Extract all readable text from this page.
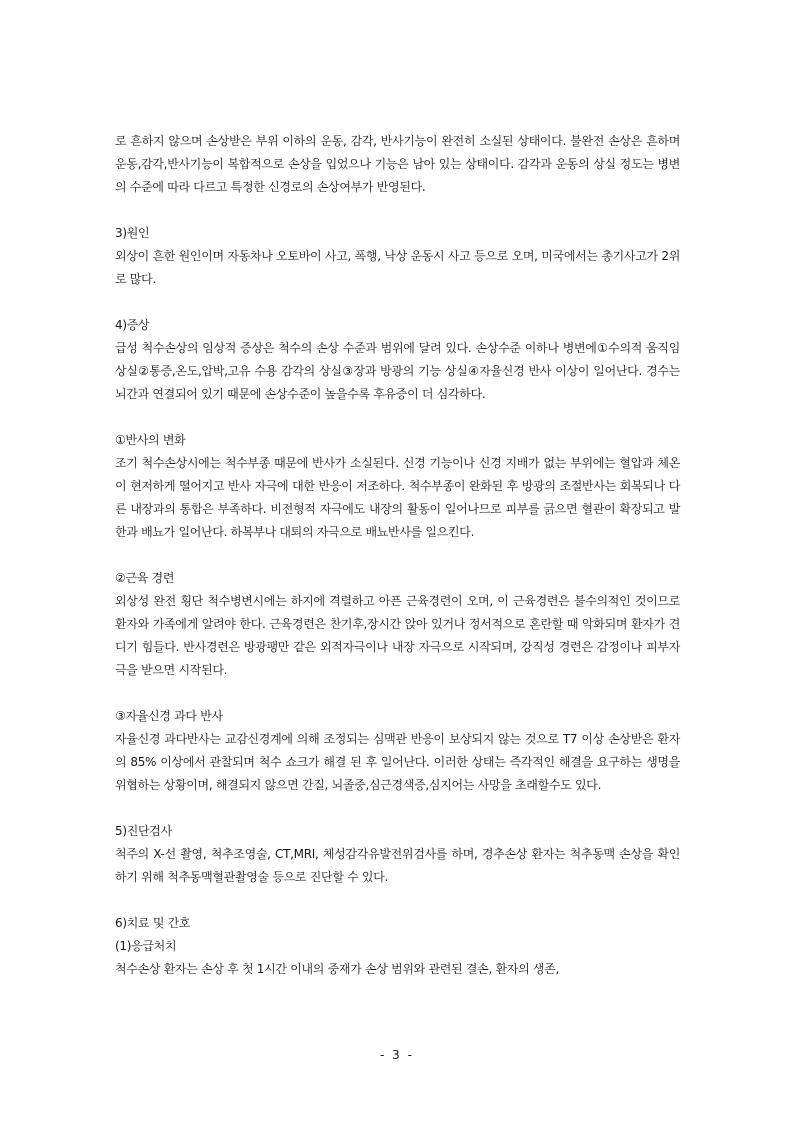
로 흔하지 않으며 손상받은 부위 이하의 운동, 감각, 반사기능이 완전히 소실된 상태이다. 불완전 손상은 흔하며 운동,감각,반사기능이 복합적으로 손상을 입었으나 기능은 남아 있는 상태이다. 감각과 운동의 상실 정도는 병변의 수준에 따라 다르고 특정한 신경로의 손상여부가 반영된다.

3)원인

외상이 흔한 원인이며 자동차나 오토바이 사고, 폭행, 낙상 운동시 사고 등으로 오며, 미국에서는 총기사고가 2위로 많다.

4)증상

급성 척수손상의 임상적 증상은 척수의 손상 수준과 범위에 달려 있다. 손상수준 이하나 병변에①수의적 움직임 상실②통증,온도,압박,고유 수용 감각의 상실③장과 방광의 기능 상실④자율신경 반사 이상이 일어난다. 경수는 뇌간과 연결되어 있기 때문에 손상수준이 높을수록 후유증이 더 심각하다.

①반사의 변화

조기 척수손상시에는 척수부종 때문에 반사가 소실된다. 신경 기능이나 신경 지배가 없는 부위에는 혈압과 체온이 현저하게 떨어지고 반사 자극에 대한 반응이 저조하다. 척수부종이 완화된 후 방광의 조절반사는 회복되나 다른 내장과의 통합은 부족하다. 비전형적 자극에도 내장의 활동이 일어나므로 피부를 긁으면 혈관이 확장되고 발한과 배뇨가 일어난다. 하복부나 대퇴의 자극으로 배뇨반사를 일으킨다.

②근육 경련

외상성 완전 횡단 척수병변시에는 하지에 격렬하고 아픈 근육경련이 오며, 이 근육경련은 불수의적인 것이므로 환자와 가족에게 알려야 한다. 근육경련은 찬기후,장시간 앉아 있거나 정서적으로 혼란할 때 악화되며 환자가 견디기 힘들다. 반사경련은 방광팽만 같은 외적자극이나 내장 자극으로 시작되며, 강직성 경련은 감정이나 피부자극을 받으면 시작된다.

③자율신경 과다 반사

자율신경 과다반사는 교감신경계에 의해 조정되는 심맥관 반응이 보상되지 않는 것으로 T7 이상 손상받은 환자의 85% 이상에서 관찰되며 척수 쇼크가 해결 된 후 일어난다. 이러한 상태는 즉각적인 해결을 요구하는 생명을 위협하는 상황이며, 해결되지 않으면 간질, 뇌졸중,심근경색증,심지어는 사망을 초래할수도 있다.

5)진단검사

척주의 X-선 촬영, 척추조영술, CT,MRI, 체성감각유발전위검사를 하며, 경추손상 환자는 척추동맥 손상을 확인하기 위해 척추동맥혈관촬영술 등으로 진단할 수 있다.

6)치료 및 간호

(1)응급처치

척수손상 환자는 손상 후 첫 1시간 이내의 중재가 손상 범위와 관련된 결손, 환자의 생존,

- 3 -
